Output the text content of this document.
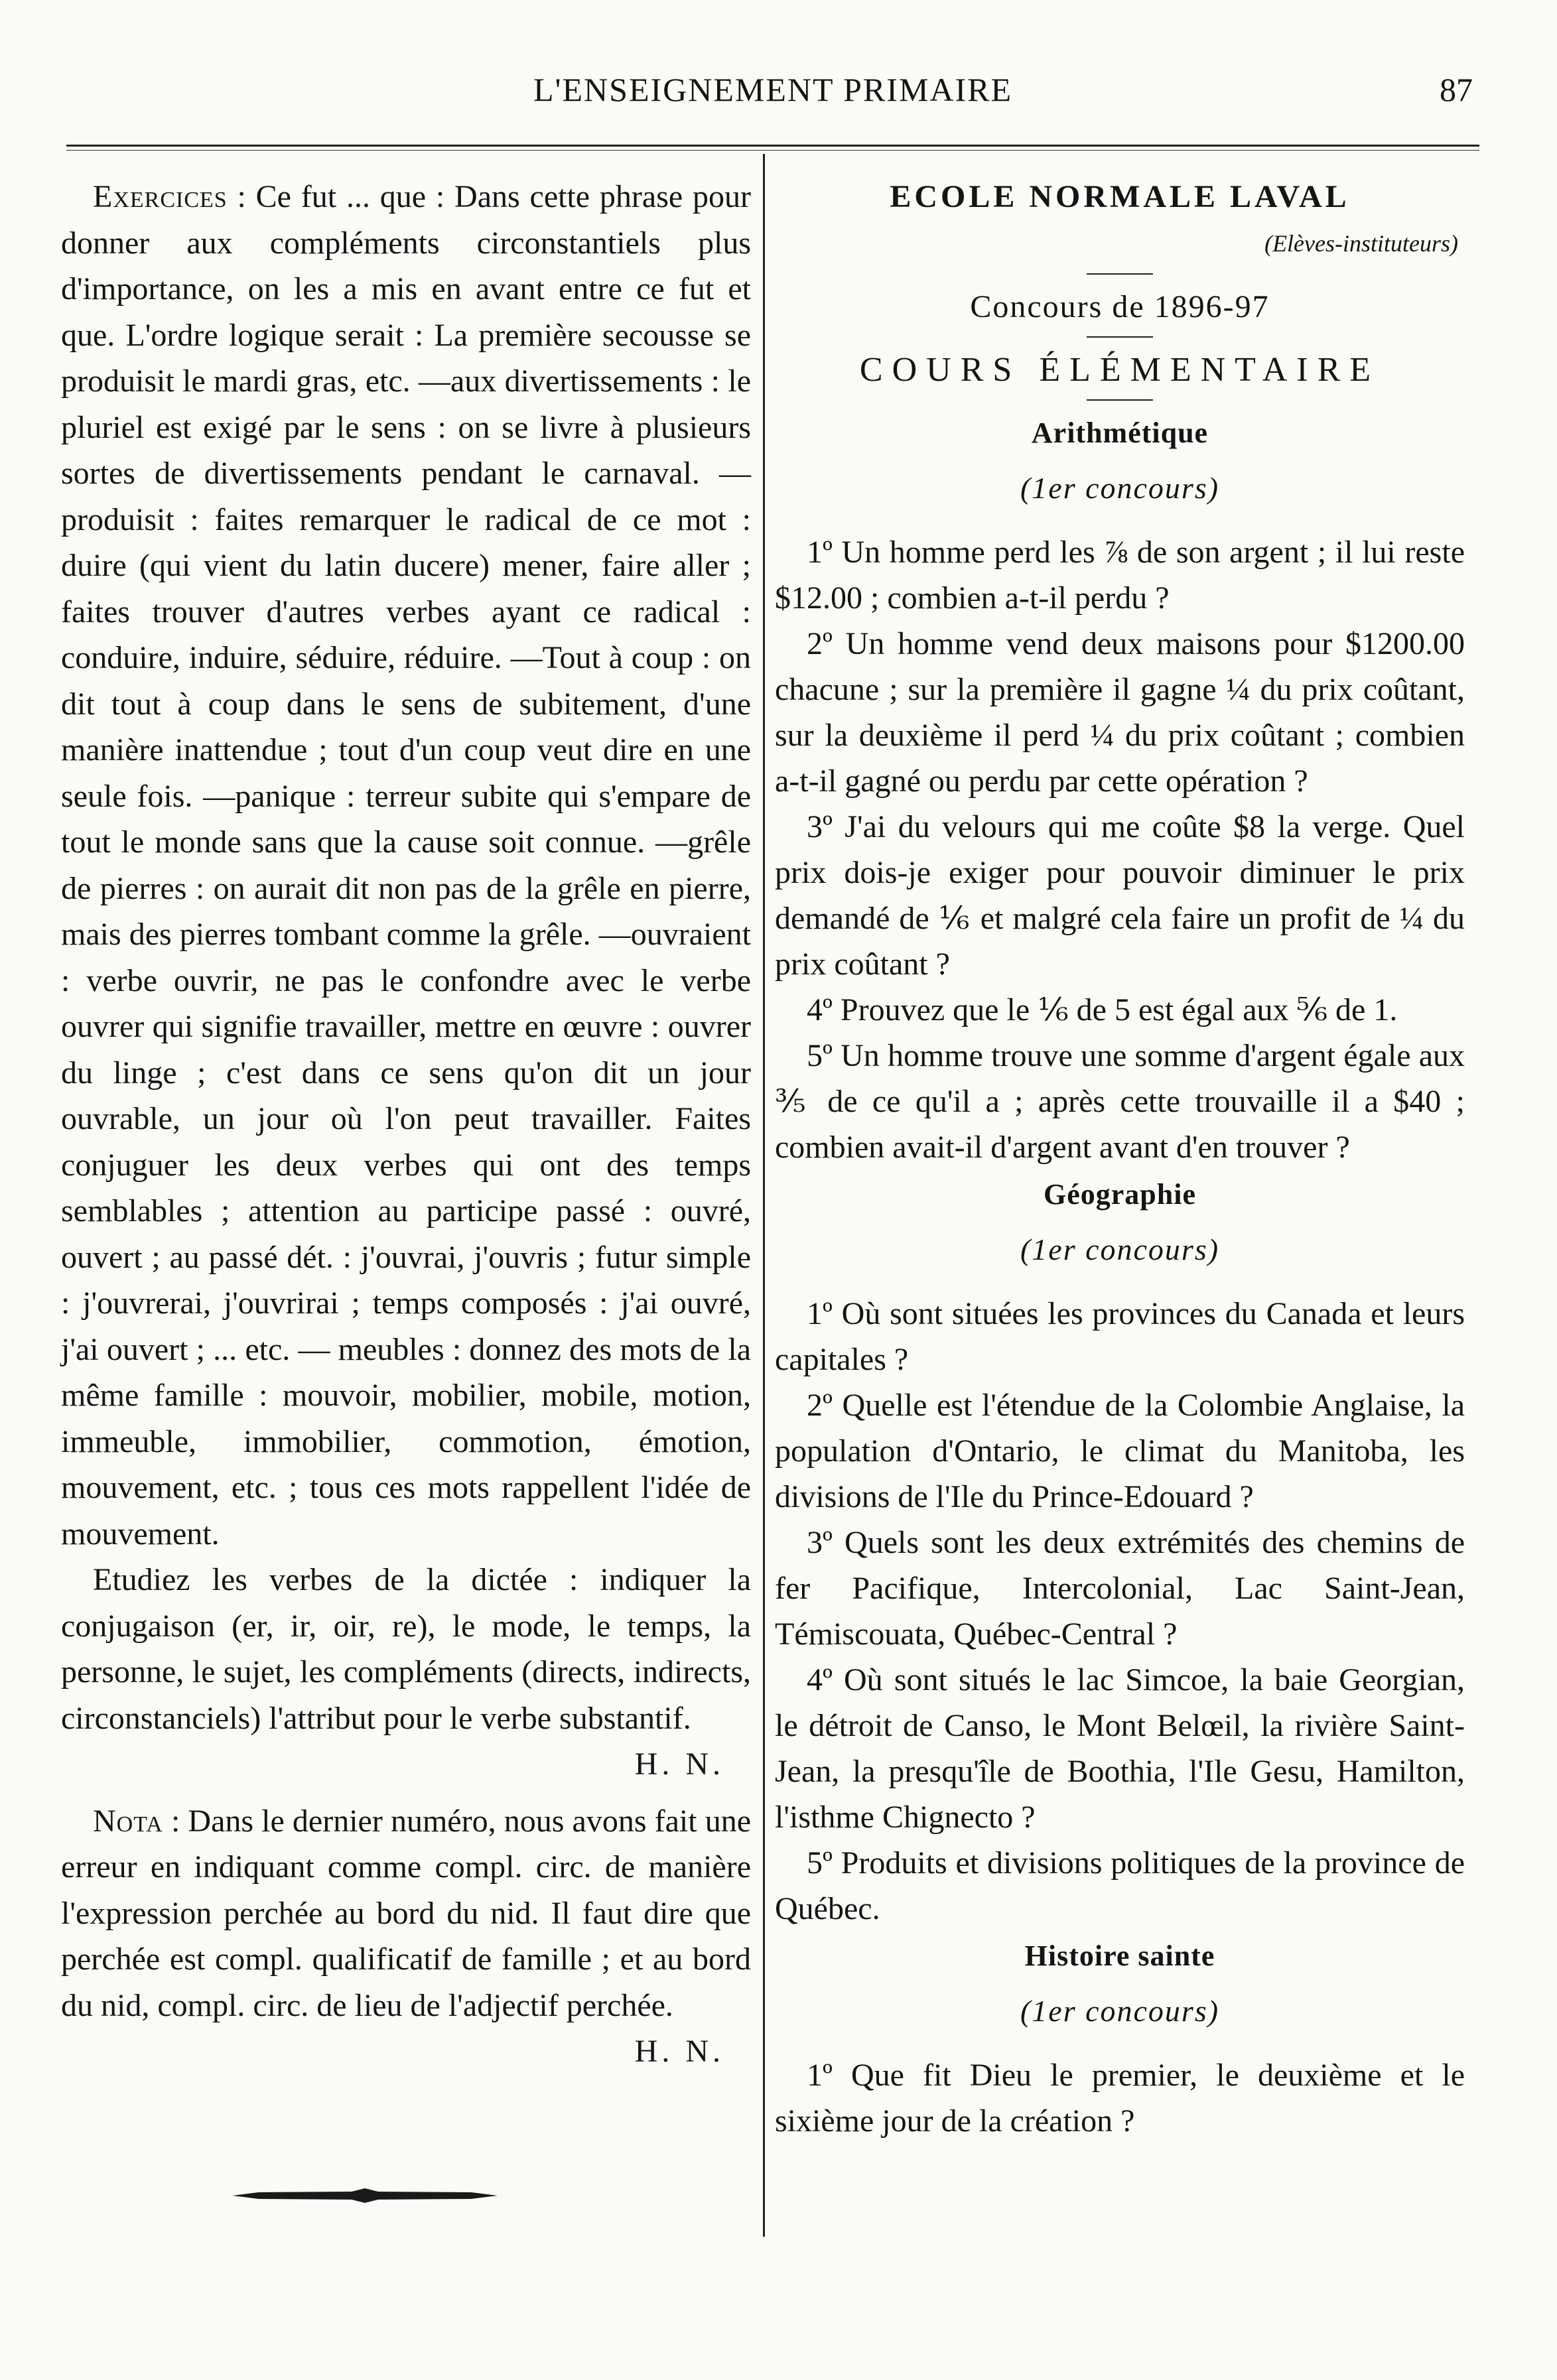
L'ENSEIGNEMENT PRIMAIRE	87

Exercices : Ce fut ... que : Dans cette phrase pour donner aux compléments circonstantiels plus d'importance, on les a mis en avant entre ce fut et que. L'ordre logique serait : La première secousse se produisit le mardi gras, etc. —aux divertissements : le pluriel est exigé par le sens : on se livre à plusieurs sortes de divertissements pendant le carnaval. —produisit : faites remarquer le radical de ce mot : duire (qui vient du latin ducere) mener, faire aller ; faites trouver d'autres verbes ayant ce radical : conduire, induire, séduire, réduire. —Tout à coup : on dit tout à coup dans le sens de subitement, d'une manière inattendue ; tout d'un coup veut dire en une seule fois. —panique : terreur subite qui s'empare de tout le monde sans que la cause soit connue. —grêle de pierres : on aurait dit non pas de la grêle en pierre, mais des pierres tombant comme la grêle. —ouvraient : verbe ouvrir, ne pas le confondre avec le verbe ouvrer qui signifie travailler, mettre en œuvre : ouvrer du linge ; c'est dans ce sens qu'on dit un jour ouvrable, un jour où l'on peut travailler. Faites conjuguer les deux verbes qui ont des temps semblables ; attention au participe passé : ouvré, ouvert ; au passé dét. : j'ouvrai, j'ouvris ; futur simple : j'ouvrerai, j'ouvrirai ; temps composés : j'ai ouvré, j'ai ouvert ; ... etc. — meubles : donnez des mots de la même famille : mouvoir, mobilier, mobile, motion, immeuble, immobilier, commotion, émotion, mouvement, etc. ; tous ces mots rappellent l'idée de mouvement.

Etudiez les verbes de la dictée : indiquer la conjugaison (er, ir, oir, re), le mode, le temps, la personne, le sujet, les compléments (directs, indirects, circonstanciels) l'attribut pour le verbe substantif.

H. N.

Nota : Dans le dernier numéro, nous avons fait une erreur en indiquant comme compl. circ. de manière l'expression perchée au bord du nid. Il faut dire que perchée est compl. qualificatif de famille ; et au bord du nid, compl. circ. de lieu de l'adjectif perchée.

H. N.

ECOLE NORMALE LAVAL

(Elèves-instituteurs)

Concours de 1896-97

COURS ÉLÉMENTAIRE

Arithmétique

(1er concours)

1º Un homme perd les ⅞ de son argent ; il lui reste $12.00 ; combien a-t-il perdu ?

2º Un homme vend deux maisons pour $1200.00 chacune ; sur la première il gagne ¼ du prix coûtant, sur la deuxième il perd ¼ du prix coûtant ; combien a-t-il gagné ou perdu par cette opération ?

3º J'ai du velours qui me coûte $8 la verge. Quel prix dois-je exiger pour pouvoir diminuer le prix demandé de ⅙ et malgré cela faire un profit de ¼ du prix coûtant ?

4º Prouvez que le ⅙ de 5 est égal aux ⅚ de 1.

5º Un homme trouve une somme d'argent égale aux ⅗ de ce qu'il a ; après cette trouvaille il a $40 ; combien avait-il d'argent avant d'en trouver ?

Géographie

(1er concours)

1º Où sont situées les provinces du Canada et leurs capitales ?

2º Quelle est l'étendue de la Colombie Anglaise, la population d'Ontario, le climat du Manitoba, les divisions de l'Ile du Prince-Edouard ?

3º Quels sont les deux extrémités des chemins de fer Pacifique, Intercolonial, Lac Saint-Jean, Témiscouata, Québec-Central ?

4º Où sont situés le lac Simcoe, la baie Georgian, le détroit de Canso, le Mont Belœil, la rivière Saint-Jean, la presqu'île de Boothia, l'Ile Gesu, Hamilton, l'isthme Chignecto ?

5º Produits et divisions politiques de la province de Québec.

Histoire sainte

(1er concours)

1º Que fit Dieu le premier, le deuxième et le sixième jour de la création ?
